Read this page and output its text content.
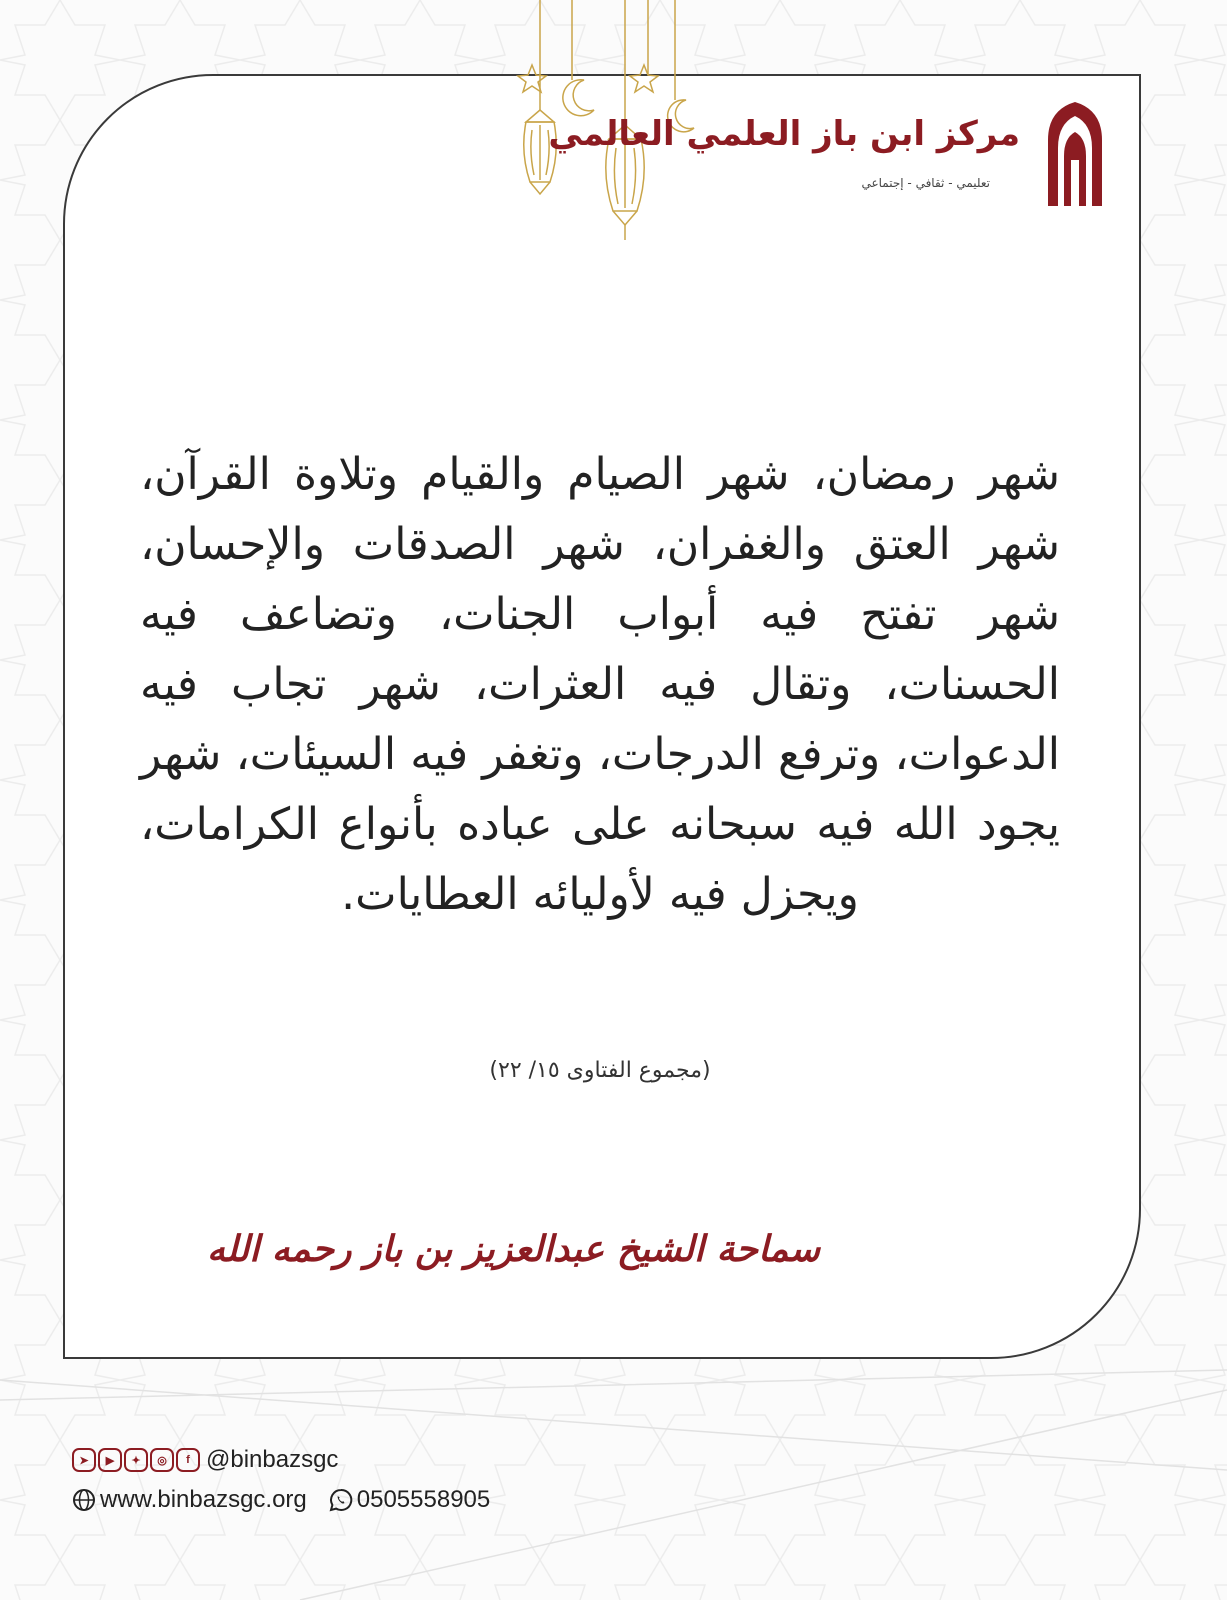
مركز ابن باز العلمي العالمي
تعليمي - ثقافي - إجتماعي
شهر رمضان، شهر الصيام والقيام وتلاوة القرآن، شهر العتق والغفران، شهر الصدقات والإحسان، شهر تفتح فيه أبواب الجنات، وتضاعف فيه الحسنات، وتقال فيه العثرات، شهر تجاب فيه الدعوات، وترفع الدرجات، وتغفر فيه السيئات، شهر يجود الله فيه سبحانه على عباده بأنواع الكرامات، ويجزل فيه لأوليائه العطايات.
(مجموع الفتاوى ١٥/ ٢٢)
سماحة الشيخ عبدالعزيز بن باز رحمه الله
➤	▶	✦	◎	f @binbazsgc
www.binbazsgc.org 0505558905
